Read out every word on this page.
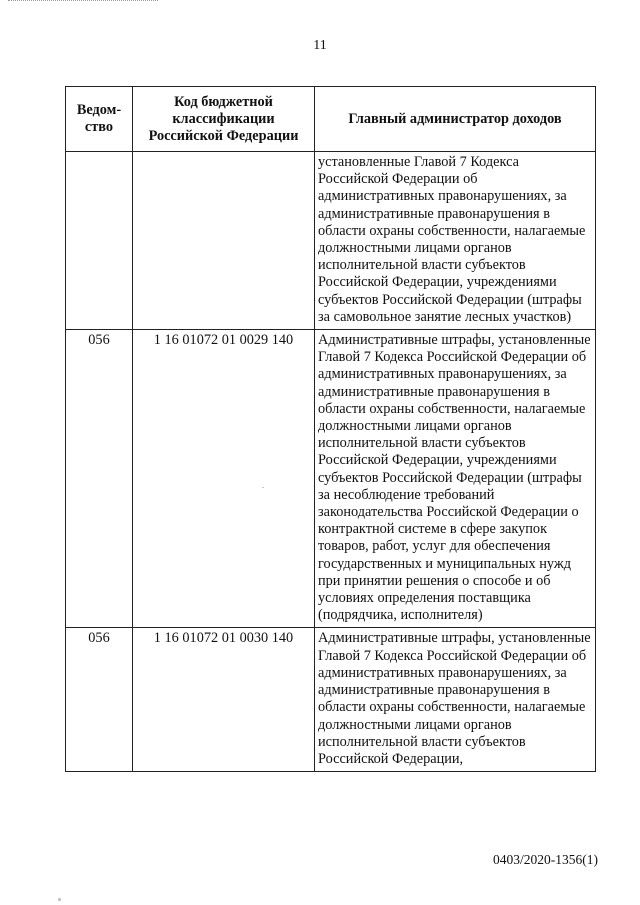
11
Ведом-ство	Код бюджетной классификации Российской Федерации	Главный администратор доходов
		установленные Главой 7 Кодекса Российской Федерации об административных правонарушениях, за административные правонарушения в области охраны собственности, налагаемые должностными лицами органов исполнительной власти субъектов Российской Федерации, учреждениями субъектов Российской Федерации (штрафы за самовольное занятие лесных участков)
056	1 16 01072 01 0029 140	Административные штрафы, установленные Главой 7 Кодекса Российской Федерации об административных правонарушениях, за административные правонарушения в области охраны собственности, налагаемые должностными лицами органов исполнительной власти субъектов Российской Федерации, учреждениями субъектов Российской Федерации (штрафы за несоблюдение требований законодательства Российской Федерации о контрактной системе в сфере закупок товаров, работ, услуг для обеспечения государственных и муниципальных нужд при принятии решения о способе и об условиях определения поставщика (подрядчика, исполнителя)
056	1 16 01072 01 0030 140	Административные штрафы, установленные Главой 7 Кодекса Российской Федерации об административных правонарушениях, за административные правонарушения в области охраны собственности, налагаемые должностными лицами органов исполнительной власти субъектов Российской Федерации,
0403/2020-1356(1)
